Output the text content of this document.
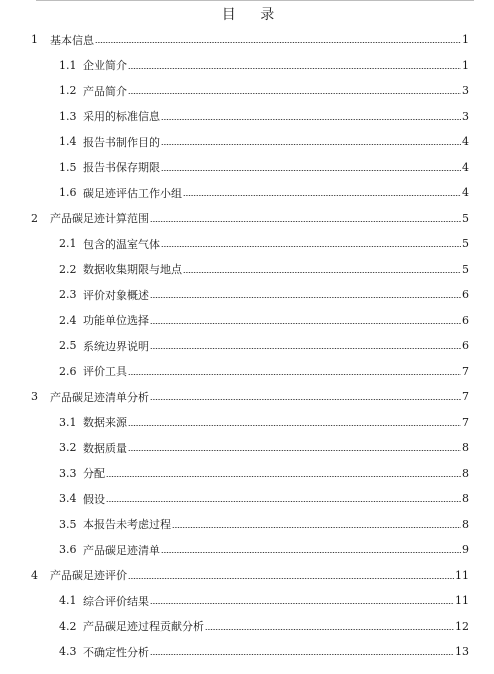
目 录
1	基本信息	1
1.1 企业简介	1
1.2 产品简介	3
1.3 采用的标准信息	3
1.4 报告书制作目的	4
1.5 报告书保存期限	4
1.6 碳足迹评估工作小组	4
2	产品碳足迹计算范围	5
2.1 包含的温室气体	5
2.2 数据收集期限与地点	5
2.3 评价对象概述	6
2.4 功能单位选择	6
2.5 系统边界说明	6
2.6 评价工具	7
3	产品碳足迹清单分析	7
3.1 数据来源	7
3.2 数据质量	8
3.3 分配	8
3.4 假设	8
3.5 本报告未考虑过程	8
3.6 产品碳足迹清单	9
4	产品碳足迹评价	11
4.1 综合评价结果	11
4.2 产品碳足迹过程贡献分析	12
4.3 不确定性分析	13
